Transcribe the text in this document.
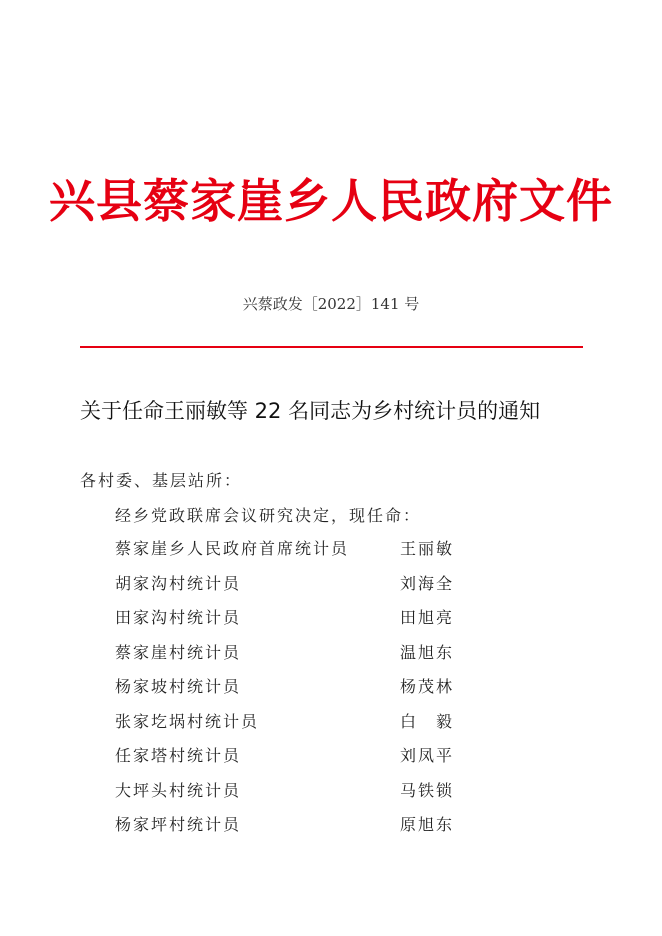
兴县蔡家崖乡人民政府文件
兴蔡政发［2022］141 号
关于任命王丽敏等 22 名同志为乡村统计员的通知
各村委、基层站所：
经乡党政联席会议研究决定，现任命：
蔡家崖乡人民政府首席统计员	王丽敏
胡家沟村统计员	刘海全
田家沟村统计员	田旭亮
蔡家崖村统计员	温旭东
杨家坡村统计员	杨茂林
张家圪埚村统计员	白毅
任家塔村统计员	刘凤平
大坪头村统计员	马铁锁
杨家坪村统计员	原旭东
